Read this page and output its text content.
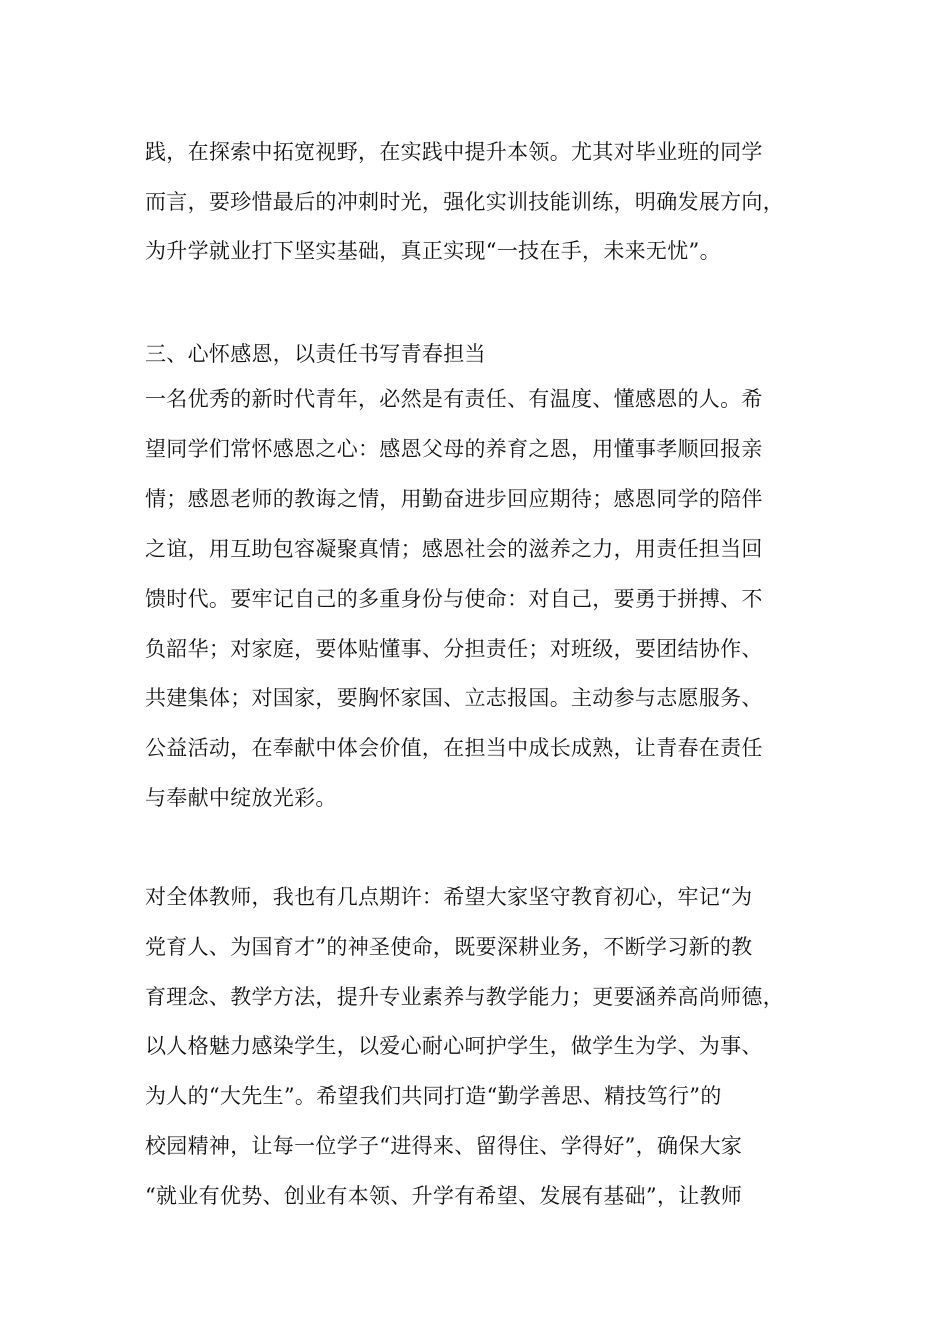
践，在探索中拓宽视野，在实践中提升本领。尤其对毕业班的同学
而言，要珍惜最后的冲刺时光，强化实训技能训练，明确发展方向，
为升学就业打下坚实基础，真正实现“一技在手，未来无忧”。
三、心怀感恩，以责任书写青春担当
一名优秀的新时代青年，必然是有责任、有温度、懂感恩的人。希
望同学们常怀感恩之心：感恩父母的养育之恩，用懂事孝顺回报亲
情；感恩老师的教诲之情，用勤奋进步回应期待；感恩同学的陪伴
之谊，用互助包容凝聚真情；感恩社会的滋养之力，用责任担当回
馈时代。要牢记自己的多重身份与使命：对自己，要勇于拼搏、不
负韶华；对家庭，要体贴懂事、分担责任；对班级，要团结协作、
共建集体；对国家，要胸怀家国、立志报国。主动参与志愿服务、
公益活动，在奉献中体会价值，在担当中成长成熟，让青春在责任
与奉献中绽放光彩。
对全体教师，我也有几点期许：希望大家坚守教育初心，牢记“为
党育人、为国育才”的神圣使命，既要深耕业务，不断学习新的教
育理念、教学方法，提升专业素养与教学能力；更要涵养高尚师德，
以人格魅力感染学生，以爱心耐心呵护学生，做学生为学、为事、
为人的“大先生”。希望我们共同打造“勤学善思、精技笃行”的
校园精神，让每一位学子“进得来、留得住、学得好”，确保大家
“就业有优势、创业有本领、升学有希望、发展有基础”，让教师
